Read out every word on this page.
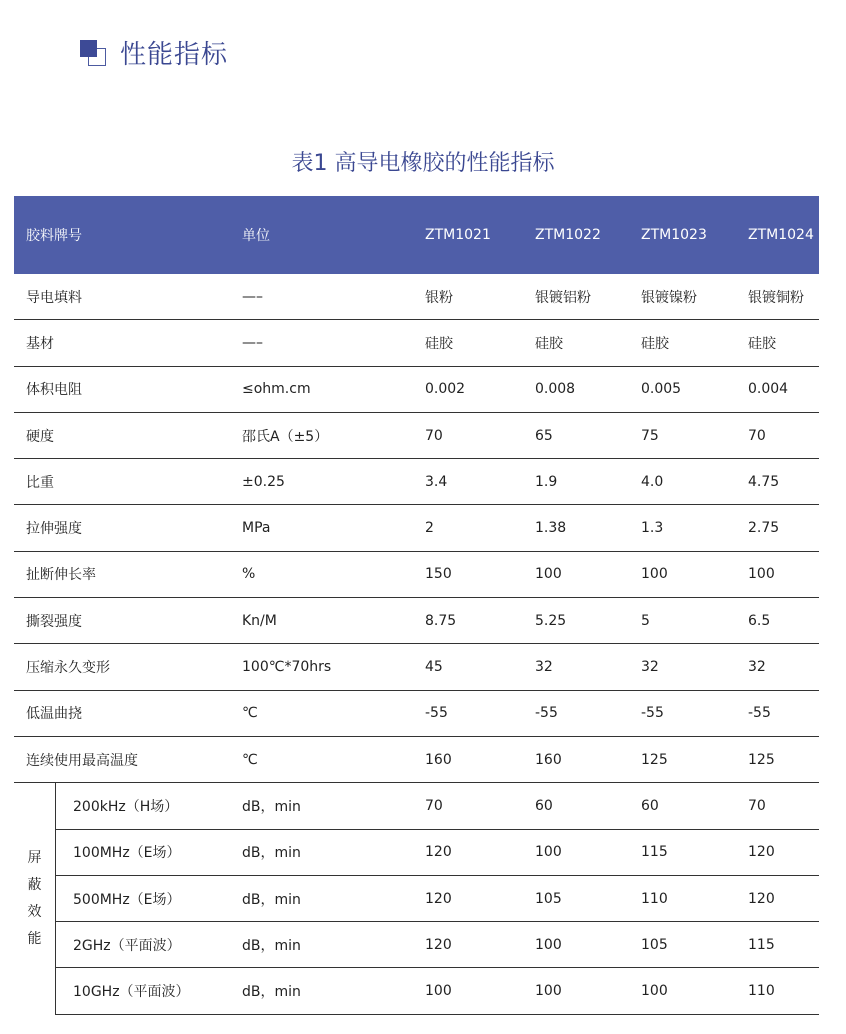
性能指标
表1 高导电橡胶的性能指标
胶料牌号	单位	ZTM1021	ZTM1022	ZTM1023	ZTM1024
导电填料	—–	银粉	银镀铝粉	银镀镍粉	银镀铜粉
基材	—–	硅胶	硅胶	硅胶	硅胶
体积电阻	≤ohm.cm	0.002	0.008	0.005	0.004
硬度	邵氏A（±5）	70	65	75	70
比重	±0.25	3.4	1.9	4.0	4.75
拉伸强度	MPa	2	1.38	1.3	2.75
扯断伸长率	%	150	100	100	100
撕裂强度	Kn/M	8.75	5.25	5	6.5
压缩永久变形	100℃*70hrs	45	32	32	32
低温曲挠	℃	-55	-55	-55	-55
连续使用最高温度	℃	160	160	125	125
屏
蔽
效
能
200kHz（H场）	dB，min	70	60	60	70
100MHz（E场）	dB，min	120	100	115	120
500MHz（E场）	dB，min	120	105	110	120
2GHz（平面波）	dB，min	120	100	105	115
10GHz（平面波）	dB，min	100	100	100	110
